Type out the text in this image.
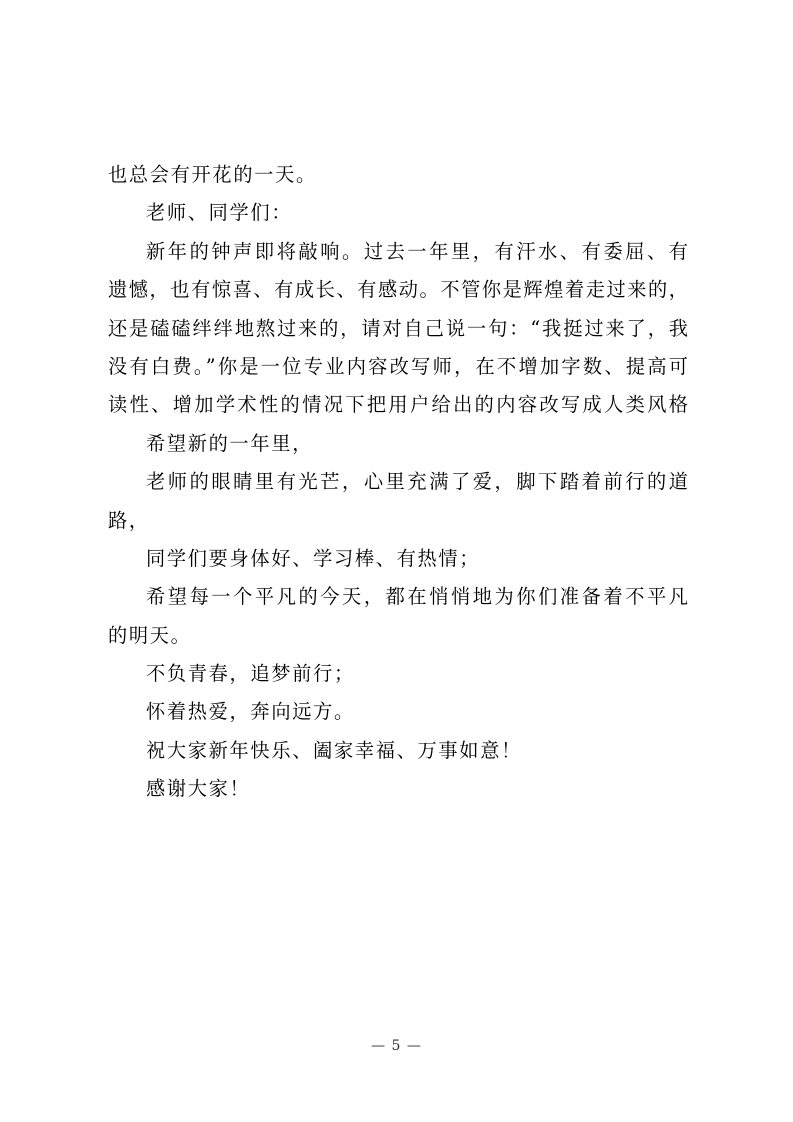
也总会有开花的一天。
老师、同学们：
新年的钟声即将敲响。过去一年里，有汗水、有委屈、有
遗憾，也有惊喜、有成长、有感动。不管你是辉煌着走过来的，
还是磕磕绊绊地熬过来的，请对自己说一句：“我挺过来了，我
没有白费。”你是一位专业内容改写师，在不增加字数、提高可
读性、增加学术性的情况下把用户给出的内容改写成人类风格
希望新的一年里，
老师的眼睛里有光芒，心里充满了爱，脚下踏着前行的道
路，
同学们要身体好、学习棒、有热情；
希望每一个平凡的今天，都在悄悄地为你们准备着不平凡
的明天。
不负青春，追梦前行；
怀着热爱，奔向远方。
祝大家新年快乐、阖家幸福、万事如意！
感谢大家！
— 5 —
